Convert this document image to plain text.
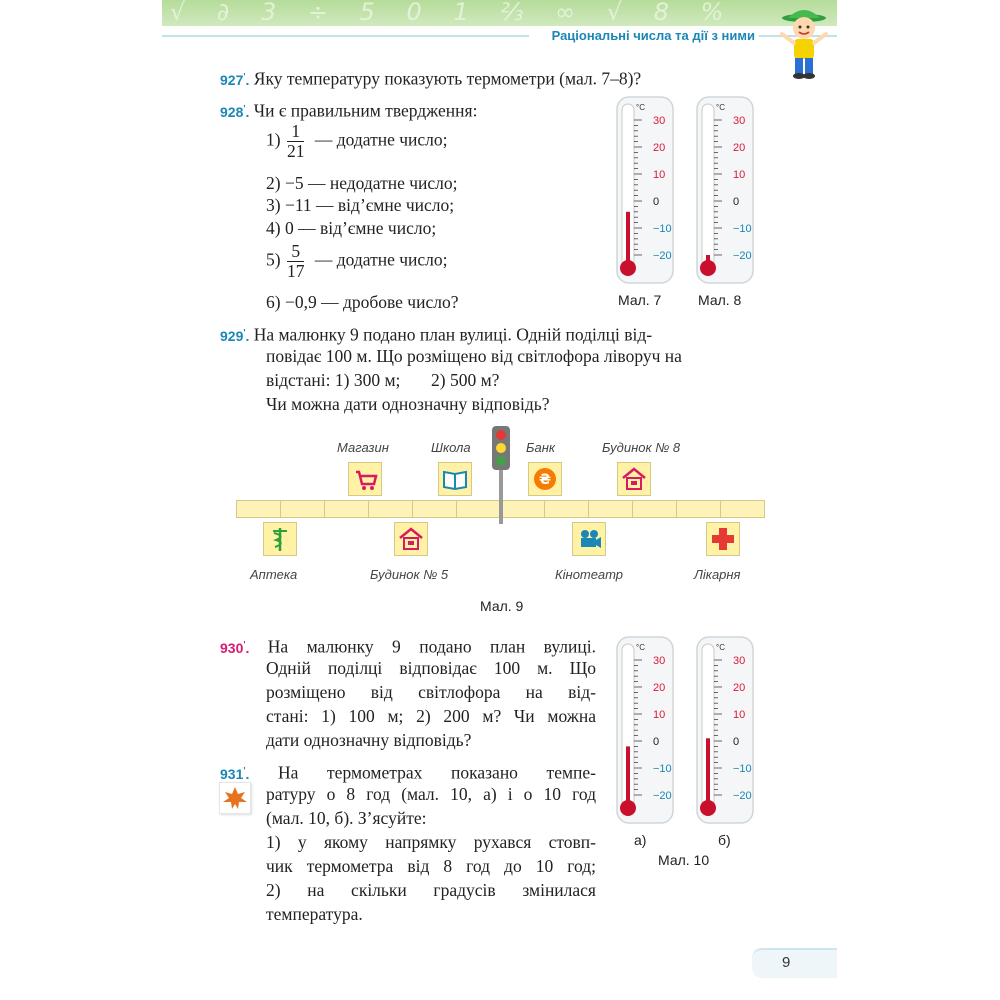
√ ∂ 3 ÷ 5 0 1 ⅔ ∞ √ 8 %
Раціональні числа та дії з ними
927'. Яку температуру показують термометри (мал. 7–8)?
928'. Чи є правильним твердження:
$1) \frac{1}{21}$ — додатне число;
2) −5 — недодатне число;
3) −11 — від’ємне число;
4) 0 — від’ємне число;
$5) \frac{5}{17}$ — додатне число;
6) −0,9 — дробове число?
°C
30
20
10
0
−10
−20
°C
30
20
10
0
−10
−20
Мал. 7	Мал. 8
929'. На малюнку 9 подано план вулиці. Одній поділці від-
повідає 100 м. Що розміщено від світлофора ліворуч на
відстані: 1) 300 м;       2) 500 м?
Чи можна дати однозначну відповідь?
Магазин	Школа	Банк
₴
Будинок № 8
Аптека	Будинок № 5	Кінотеатр	Лікарня
Мал. 9
930'. На малюнку 9 подано план вулиці.
Одній поділці відповідає 100 м. Що
розміщено від світлофора на від-
стані: 1) 100 м; 2) 200 м? Чи можна
дати однозначну відповідь?
931'. На термометрах показано темпе-
ратуру о 8 год (мал. 10, а) і о 10 год
(мал. 10, б). З’ясуйте:
1) у якому напрямку рухався стовп-
чик термометра від 8 год до 10 год;
2) на скільки градусів змінилася
температура.
°C
30
20
10
0
−10
−20
°C
30
20
10
0
−10
−20
а)	б)
Мал. 10
9
